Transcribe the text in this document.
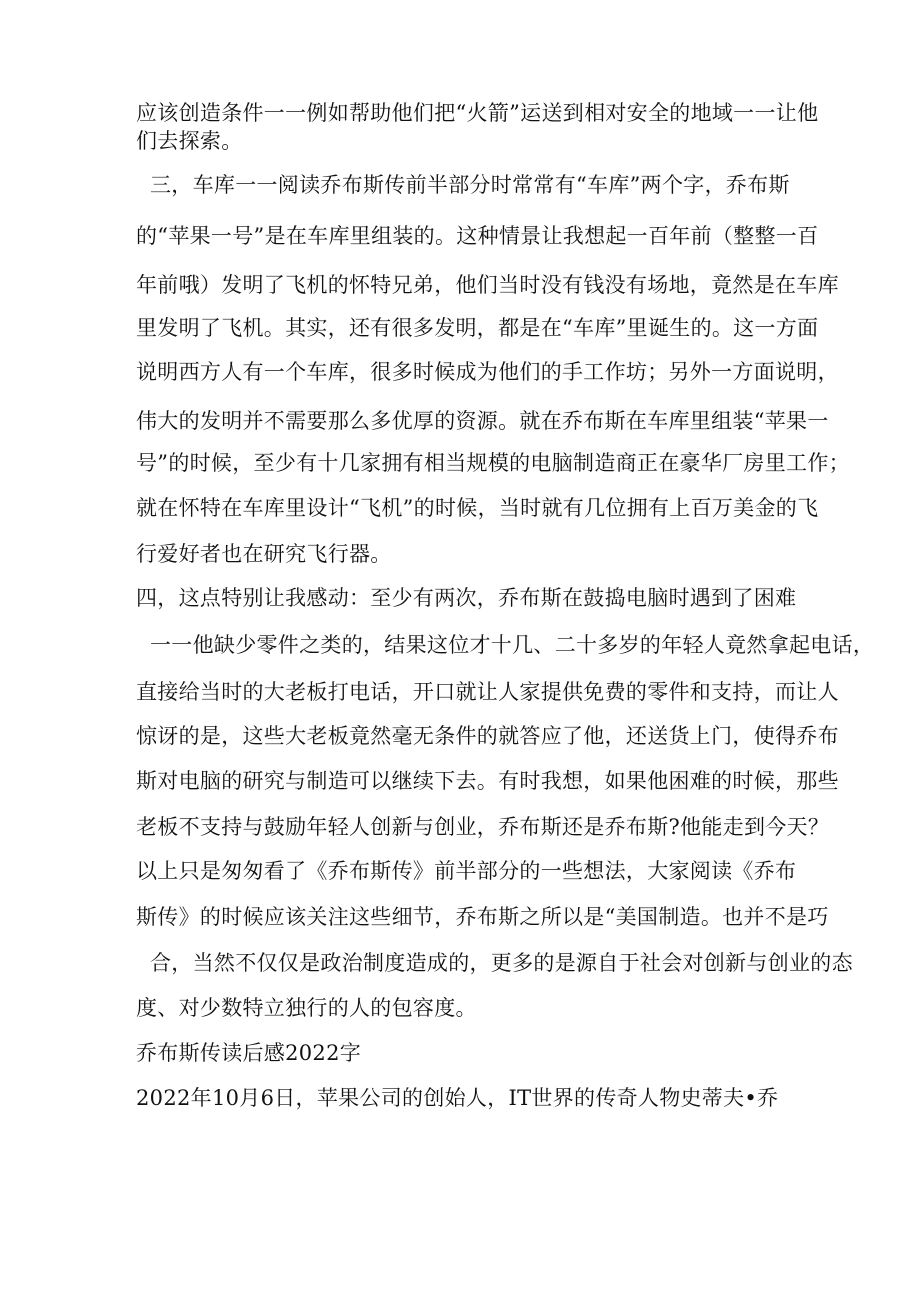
应该创造条件一一例如帮助他们把“火箭”运送到相对安全的地域一一让他
们去探索。
三，车库一一阅读乔布斯传前半部分时常常有“车库”两个字，乔布斯
的“苹果一号”是在车库里组装的。这种情景让我想起一百年前（整整一百
年前哦）发明了飞机的怀特兄弟，他们当时没有钱没有场地，竟然是在车库
里发明了飞机。其实，还有很多发明，都是在“车库”里诞生的。这一方面
说明西方人有一个车库，很多时候成为他们的手工作坊；另外一方面说明，
伟大的发明并不需要那么多优厚的资源。就在乔布斯在车库里组装“苹果一
号”的时候，至少有十几家拥有相当规模的电脑制造商正在豪华厂房里工作；
就在怀特在车库里设计“飞机”的时候，当时就有几位拥有上百万美金的飞
行爱好者也在研究飞行器。
四，这点特别让我感动：至少有两次，乔布斯在鼓捣电脑时遇到了困难
一一他缺少零件之类的，结果这位才十几、二十多岁的年轻人竟然拿起电话，
直接给当时的大老板打电话，开口就让人家提供免费的零件和支持，而让人
惊讶的是，这些大老板竟然毫无条件的就答应了他，还送货上门，使得乔布
斯对电脑的研究与制造可以继续下去。有时我想，如果他困难的时候，那些
老板不支持与鼓励年轻人创新与创业，乔布斯还是乔布斯?他能走到今天？
以上只是匆匆看了《乔布斯传》前半部分的一些想法，大家阅读《乔布
斯传》的时候应该关注这些细节，乔布斯之所以是“美国制造。也并不是巧
合，当然不仅仅是政治制度造成的，更多的是源自于社会对创新与创业的态
度、对少数特立独行的人的包容度。
乔布斯传读后感2022字
2022年10月6日，苹果公司的创始人，IT世界的传奇人物史蒂夫•乔
